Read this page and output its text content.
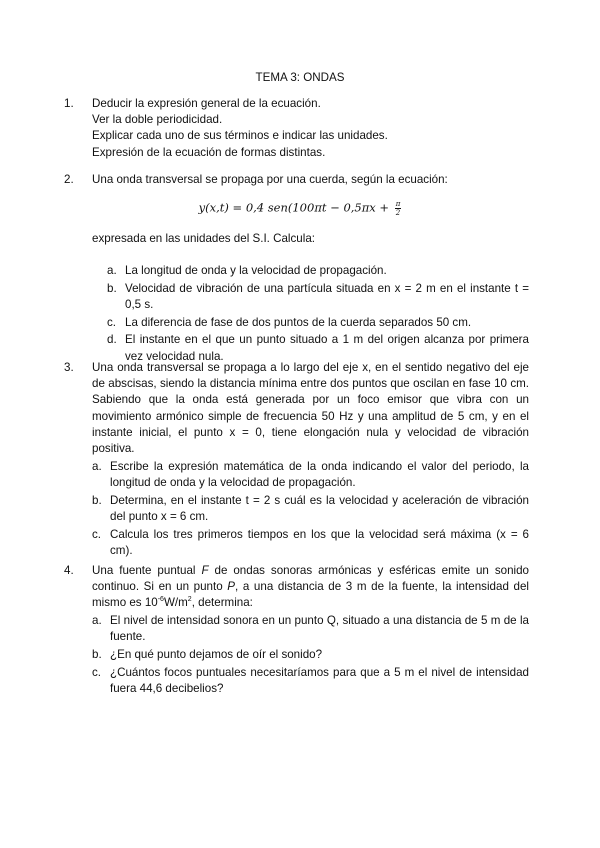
TEMA 3: ONDAS
1. Deducir la expresión general de la ecuación.
Ver la doble periodicidad.
Explicar cada uno de sus términos e indicar las unidades.
Expresión de la ecuación de formas distintas.
2. Una onda transversal se propaga por una cuerda, según la ecuación:
y(x,t) = 0,4 $sen(100\pi t - 0,5\pi x + \frac{\pi}{2}$
expresada en las unidades del S.I. Calcula:
a. La longitud de onda y la velocidad de propagación.
b. Velocidad de vibración de una partícula situada en x = 2 m en el instante t = 0,5 s.
c. La diferencia de fase de dos puntos de la cuerda separados 50 cm.
d. El instante en el que un punto situado a 1 m del origen alcanza por primera vez velocidad nula.
3. Una onda transversal se propaga a lo largo del eje x, en el sentido negativo del eje de abscisas, siendo la distancia mínima entre dos puntos que oscilan en fase 10 cm. Sabiendo que la onda está generada por un foco emisor que vibra con un movimiento armónico simple de frecuencia 50 Hz y una amplitud de 5 cm, y en el instante inicial, el punto x = 0, tiene elongación nula y velocidad de vibración positiva.
a. Escribe la expresión matemática de la onda indicando el valor del periodo, la longitud de onda y la velocidad de propagación.
b. Determina, en el instante t = 2 s cuál es la velocidad y aceleración de vibración del punto x = 6 cm.
c. Calcula los tres primeros tiempos en los que la velocidad será máxima (x = 6 cm).
4. Una fuente puntual F de ondas sonoras armónicas y esféricas emite un sonido continuo. Si en un punto P, a una distancia de 3 m de la fuente, la intensidad del mismo es $10^{-6}W/m^2$, determina:
a. El nivel de intensidad sonora en un punto Q, situado a una distancia de 5 m de la fuente.
b. ¿En qué punto dejamos de oír el sonido?
c. ¿Cuántos focos puntuales necesitaríamos para que a 5 m el nivel de intensidad fuera 44,6 decibelios?
